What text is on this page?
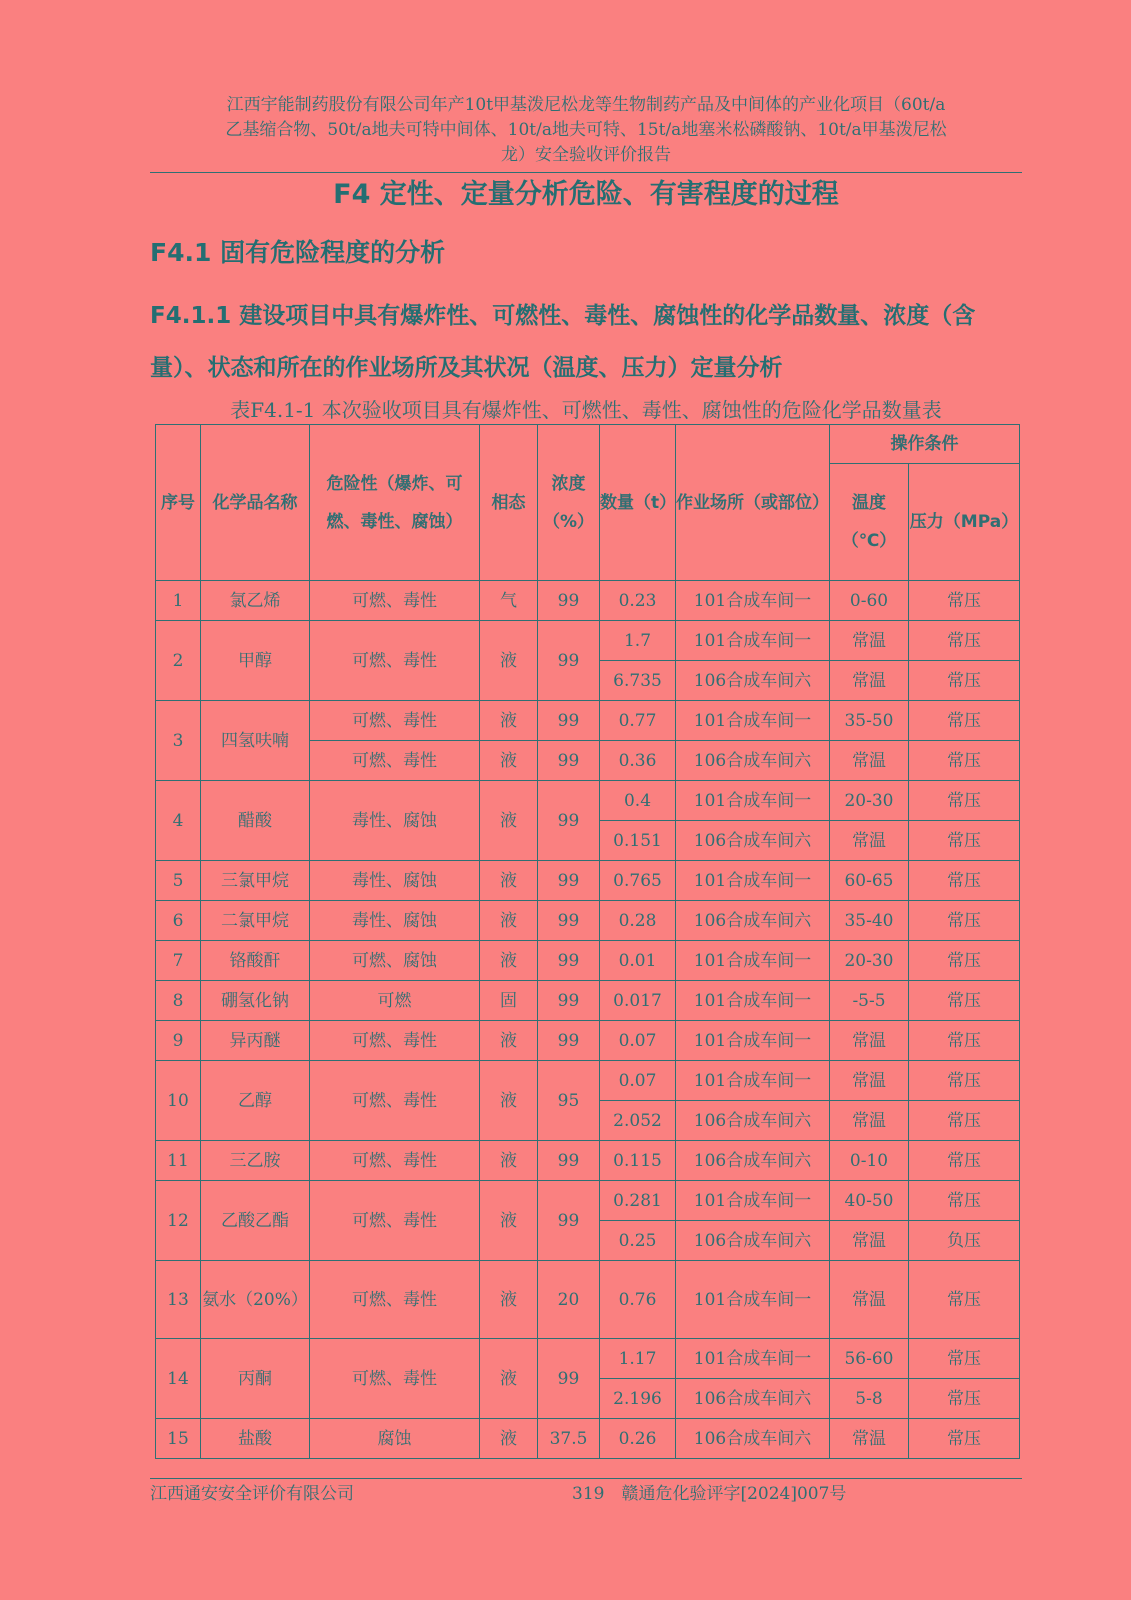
江西宇能制药股份有限公司年产10t甲基泼尼松龙等生物制药产品及中间体的产业化项目（60t/a
乙基缩合物、50t/a地夫可特中间体、10t/a地夫可特、15t/a地塞米松磷酸钠、10t/a甲基泼尼松
龙）安全验收评价报告
F4 定性、定量分析危险、有害程度的过程
F4.1 固有危险程度的分析
F4.1.1 建设项目中具有爆炸性、可燃性、毒性、腐蚀性的化学品数量、浓度（含量）、状态和所在的作业场所及其状况（温度、压力）定量分析
表F4.1-1 本次验收项目具有爆炸性、可燃性、毒性、腐蚀性的危险化学品数量表
序号	化学品名称	危险性（爆炸、可燃、毒性、腐蚀）	相态	浓度（%）	数量（t）	作业场所（或部位）	操作条件	
							温度（℃）	压力（MPa）
1	氯乙烯	可燃、毒性	气	99	0.23	101合成车间一	0-60	常压
2	甲醇	可燃、毒性	液	99	1.7	101合成车间一	常温	常压
					6.735	106合成车间六	常温	常压
3	四氢呋喃	可燃、毒性	液	99	0.77	101合成车间一	35-50	常压
		可燃、毒性	液	99	0.36	106合成车间六	常温	常压
4	醋酸	毒性、腐蚀	液	99	0.4	101合成车间一	20-30	常压
					0.151	106合成车间六	常温	常压
5	三氯甲烷	毒性、腐蚀	液	99	0.765	101合成车间一	60-65	常压
6	二氯甲烷	毒性、腐蚀	液	99	0.28	106合成车间六	35-40	常压
7	铬酸酐	可燃、腐蚀	液	99	0.01	101合成车间一	20-30	常压
8	硼氢化钠	可燃	固	99	0.017	101合成车间一	-5-5	常压
9	异丙醚	可燃、毒性	液	99	0.07	101合成车间一	常温	常压
10	乙醇	可燃、毒性	液	95	0.07	101合成车间一	常温	常压
					2.052	106合成车间六	常温	常压
11	三乙胺	可燃、毒性	液	99	0.115	106合成车间六	0-10	常压
12	乙酸乙酯	可燃、毒性	液	99	0.281	101合成车间一	40-50	常压
					0.25	106合成车间六	常温	负压
13	氨水（20%）	可燃、毒性	液	20	0.76	101合成车间一	常温	常压
14	丙酮	可燃、毒性	液	99	1.17	101合成车间一	56-60	常压
					2.196	106合成车间六	5-8	常压
15	盐酸	腐蚀	液	37.5	0.26	106合成车间六	常温	常压
江西通安安全评价有限公司	319　赣通危化验评字[2024]007号
